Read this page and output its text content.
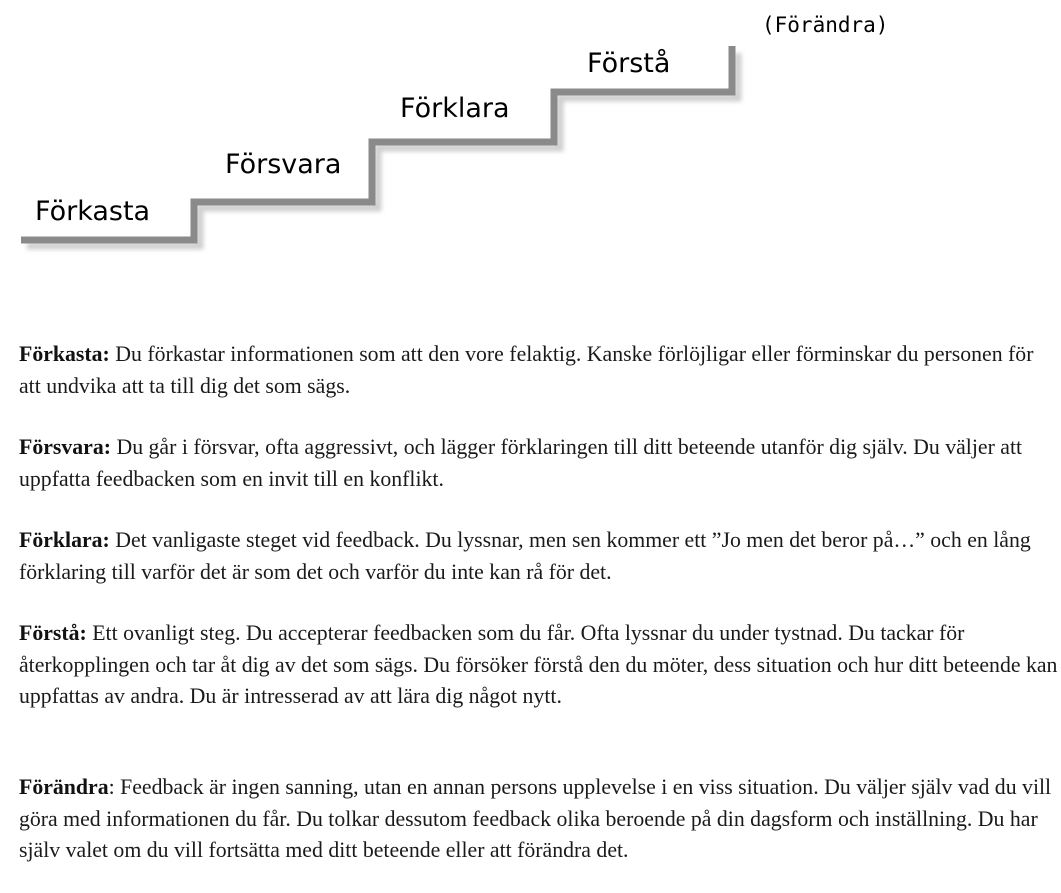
Förkasta
Försvara
Förklara
Förstå
(Förändra)

Förkasta: Du förkastar informationen som att den vore felaktig. Kanske förlöjligar eller förminskar du personen för att undvika att ta till dig det som sägs.

Försvara: Du går i försvar, ofta aggressivt, och lägger förklaringen till ditt beteende utanför dig själv. Du väljer att uppfatta feedbacken som en invit till en konflikt.

Förklara: Det vanligaste steget vid feedback. Du lyssnar, men sen kommer ett ”Jo men det beror på…” och en lång förklaring till varför det är som det och varför du inte kan rå för det.

Förstå: Ett ovanligt steg. Du accepterar feedbacken som du får. Ofta lyssnar du under tystnad. Du tackar för återkopplingen och tar åt dig av det som sägs. Du försöker förstå den du möter, dess situation och hur ditt beteende kan uppfattas av andra. Du är intresserad av att lära dig något nytt.

Förändra: Feedback är ingen sanning, utan en annan persons upplevelse i en viss situation. Du väljer själv vad du vill göra med informationen du får. Du tolkar dessutom feedback olika beroende på din dagsform och inställning. Du har själv valet om du vill fortsätta med ditt beteende eller att förändra det.
